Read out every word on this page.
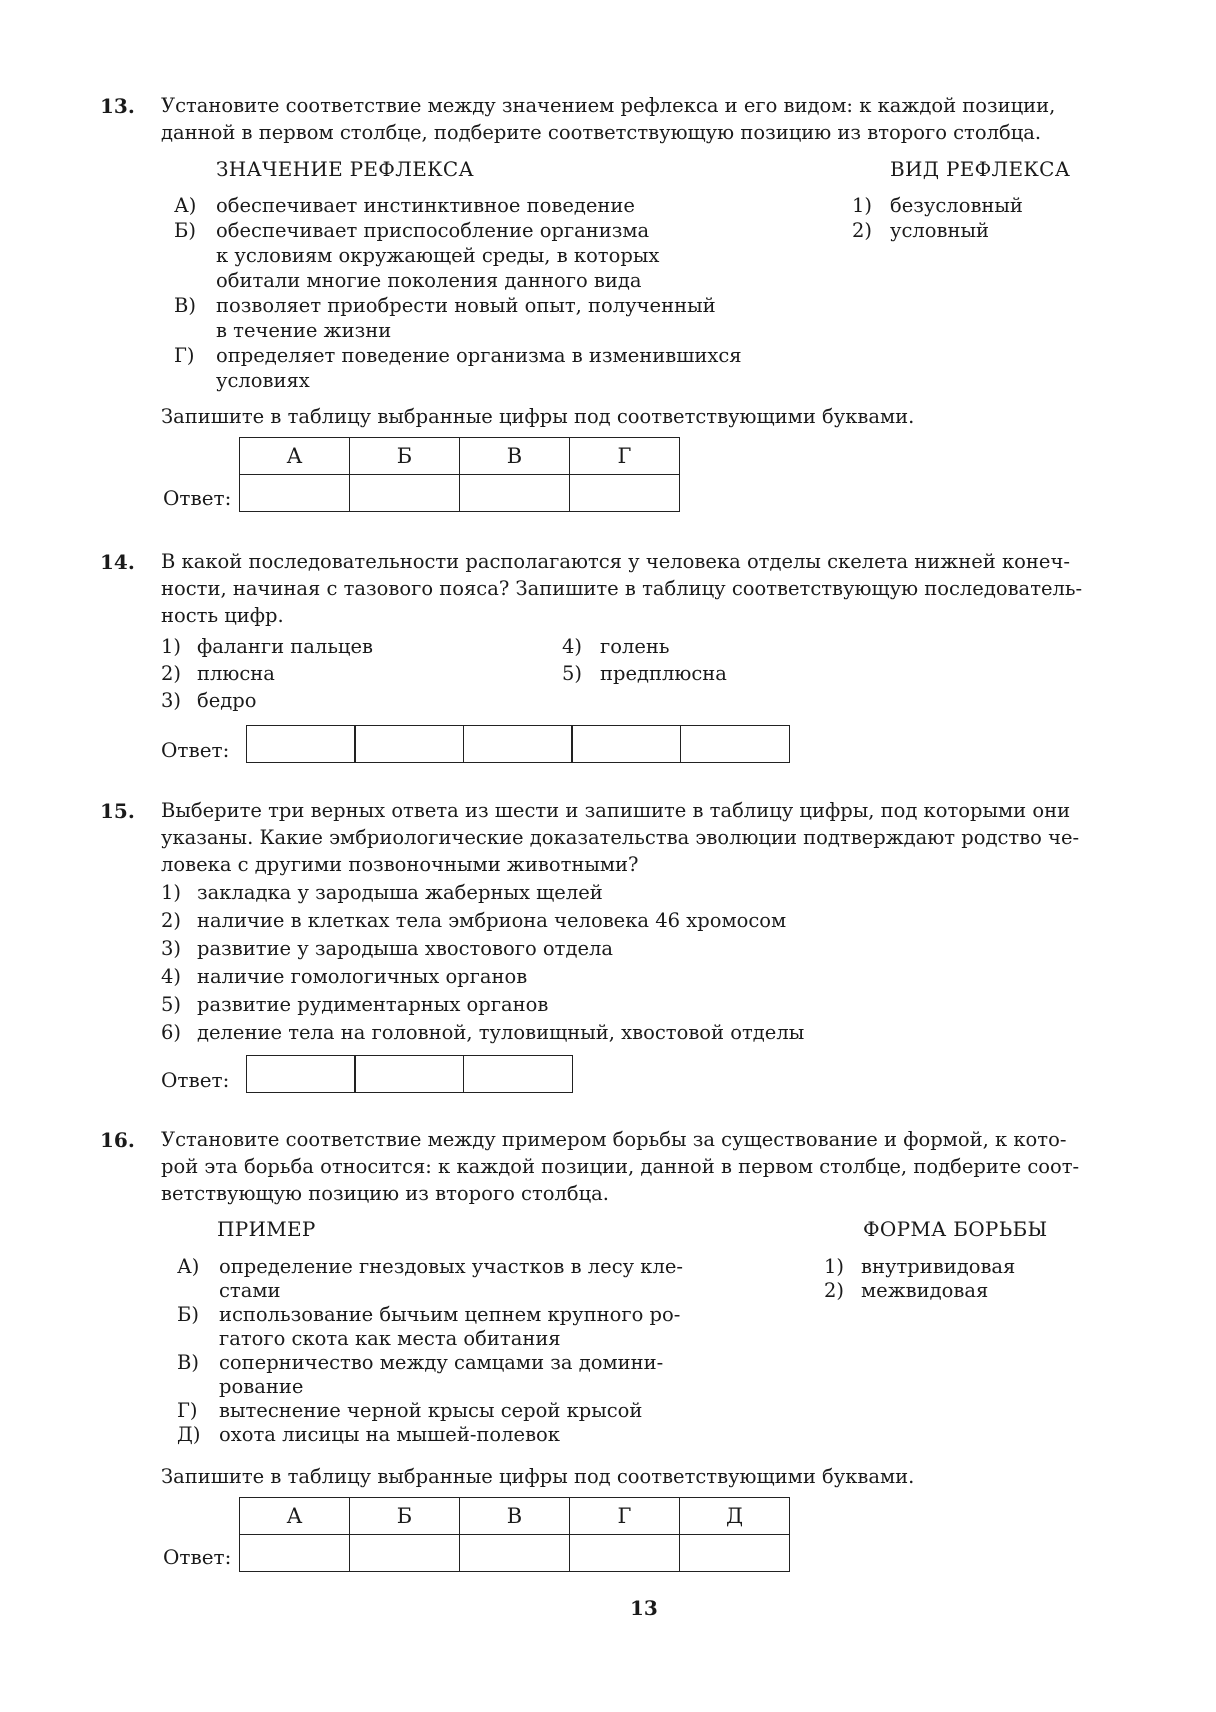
13. Установите соответствие между значением рефлекса и его видом: к каждой позиции,
данной в первом столбце, подберите соответствующую позицию из второго столбца.
ЗНАЧЕНИЕ РЕФЛЕКСА	ВИД РЕФЛЕКСА
А) обеспечивает инстинктивное поведение
Б) обеспечивает приспособление организма
к условиям окружающей среды, в которых
обитали многие поколения данного вида
В) позволяет приобрести новый опыт, полученный
в течение жизни
Г) определяет поведение организма в изменившихся
условиях
1) безусловный
2) условный
Запишите в таблицу выбранные цифры под соответствующими буквами.
Ответ:
А	Б	В	Г

14. В какой последовательности располагаются у человека отделы скелета нижней конеч-
ности, начиная с тазового пояса? Запишите в таблицу соответствующую последователь-
ность цифр.
1) фаланги пальцев
2) плюсна
3) бедро
4) голень
5) предплюсна
Ответ:
15. Выберите три верных ответа из шести и запишите в таблицу цифры, под которыми они
указаны. Какие эмбриологические доказательства эволюции подтверждают родство че-
ловека с другими позвоночными животными?
1) закладка у зародыша жаберных щелей
2) наличие в клетках тела эмбриона человека 46 хромосом
3) развитие у зародыша хвостового отдела
4) наличие гомологичных органов
5) развитие рудиментарных органов
6) деление тела на головной, туловищный, хвостовой отделы
Ответ:
16. Установите соответствие между примером борьбы за существование и формой, к кото-
рой эта борьба относится: к каждой позиции, данной в первом столбце, подберите соот-
ветствующую позицию из второго столбца.
ПРИМЕР	ФОРМА БОРЬБЫ
А) определение гнездовых участков в лесу кле-
стами
Б) использование бычьим цепнем крупного ро-
гатого скота как места обитания
В) соперничество между самцами за домини-
рование
Г) вытеснение черной крысы серой крысой
Д) охота лисицы на мышей-полевок
1) внутривидовая
2) межвидовая
Запишите в таблицу выбранные цифры под соответствующими буквами.
Ответ:
А	Б	В	Г	Д

13
